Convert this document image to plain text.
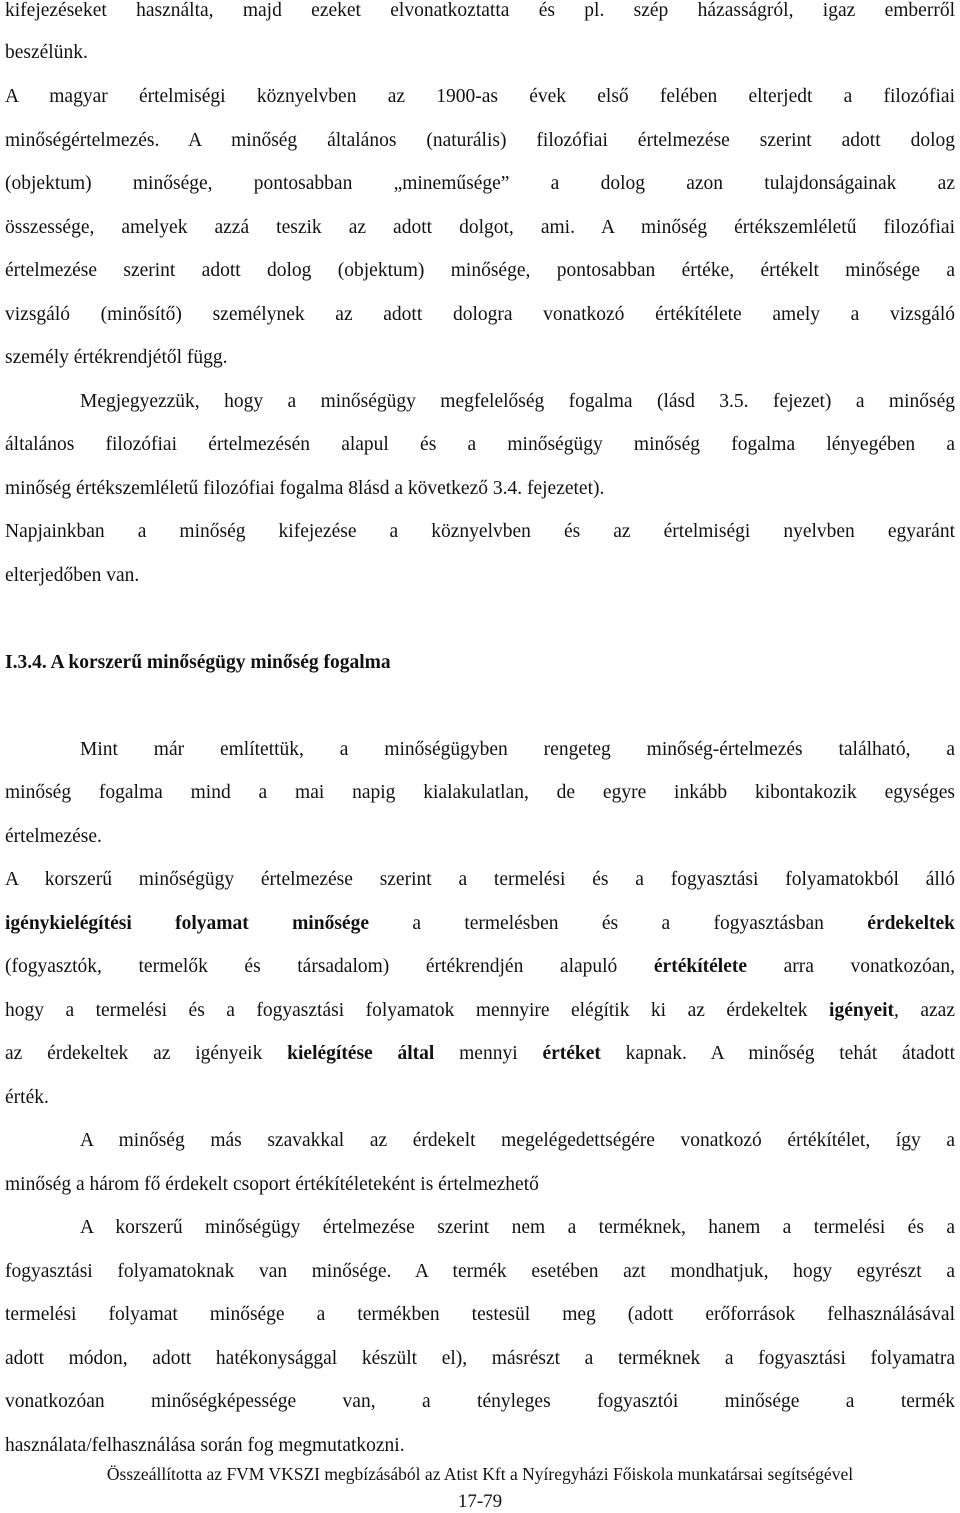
kifejezéseket használta, majd ezeket elvonatkoztatta és pl. szép házasságról, igaz emberről
beszélünk.
A magyar értelmiségi köznyelvben az 1900-as évek első felében elterjedt a filozófiai
minőségértelmezés. A minőség általános (naturális) filozófiai értelmezése szerint adott dolog
(objektum) minősége, pontosabban „mineműsége” a dolog azon tulajdonságainak az
összessége, amelyek azzá teszik az adott dolgot, ami. A minőség értékszemléletű filozófiai
értelmezése szerint adott dolog (objektum) minősége, pontosabban értéke, értékelt minősége a
vizsgáló (minősítő) személynek az adott dologra vonatkozó értékítélete amely a vizsgáló
személy értékrendjétől függ.
Megjegyezzük, hogy a minőségügy megfelelőség fogalma (lásd 3.5. fejezet) a minőség
általános filozófiai értelmezésén alapul és a minőségügy minőség fogalma lényegében a
minőség értékszemléletű filozófiai fogalma 8lásd a következő 3.4. fejezetet).
Napjainkban a minőség kifejezése a köznyelvben és az értelmiségi nyelvben egyaránt
elterjedőben van.
I.3.4. A korszerű minőségügy minőség fogalma
Mint már említettük, a minőségügyben rengeteg minőség-értelmezés található, a
minőség fogalma mind a mai napig kialakulatlan, de egyre inkább kibontakozik egységes
értelmezése.
A korszerű minőségügy értelmezése szerint a termelési és a fogyasztási folyamatokból álló
igénykielégítési folyamat minősége a termelésben és a fogyasztásban érdekeltek
(fogyasztók, termelők és társadalom) értékrendjén alapuló értékítélete arra vonatkozóan,
hogy a termelési és a fogyasztási folyamatok mennyire elégítik ki az érdekeltek igényeit, azaz
az érdekeltek az igényeik kielégítése által mennyi értéket kapnak. A minőség tehát átadott
érték.
A minőség más szavakkal az érdekelt megelégedettségére vonatkozó értékítélet, így a
minőség a három fő érdekelt csoport értékítéleteként is értelmezhető
A korszerű minőségügy értelmezése szerint nem a terméknek, hanem a termelési és a
fogyasztási folyamatoknak van minősége. A termék esetében azt mondhatjuk, hogy egyrészt a
termelési folyamat minősége a termékben testesül meg (adott erőforrások felhasználásával
adott módon, adott hatékonysággal készült el), másrészt a terméknek a fogyasztási folyamatra
vonatkozóan minőségképessége van, a tényleges fogyasztói minősége a termék
használata/felhasználása során fog megmutatkozni.
Összeállította az FVM VKSZI megbízásából az Atist Kft a Nyíregyházi Főiskola munkatársai segítségével
17-79
